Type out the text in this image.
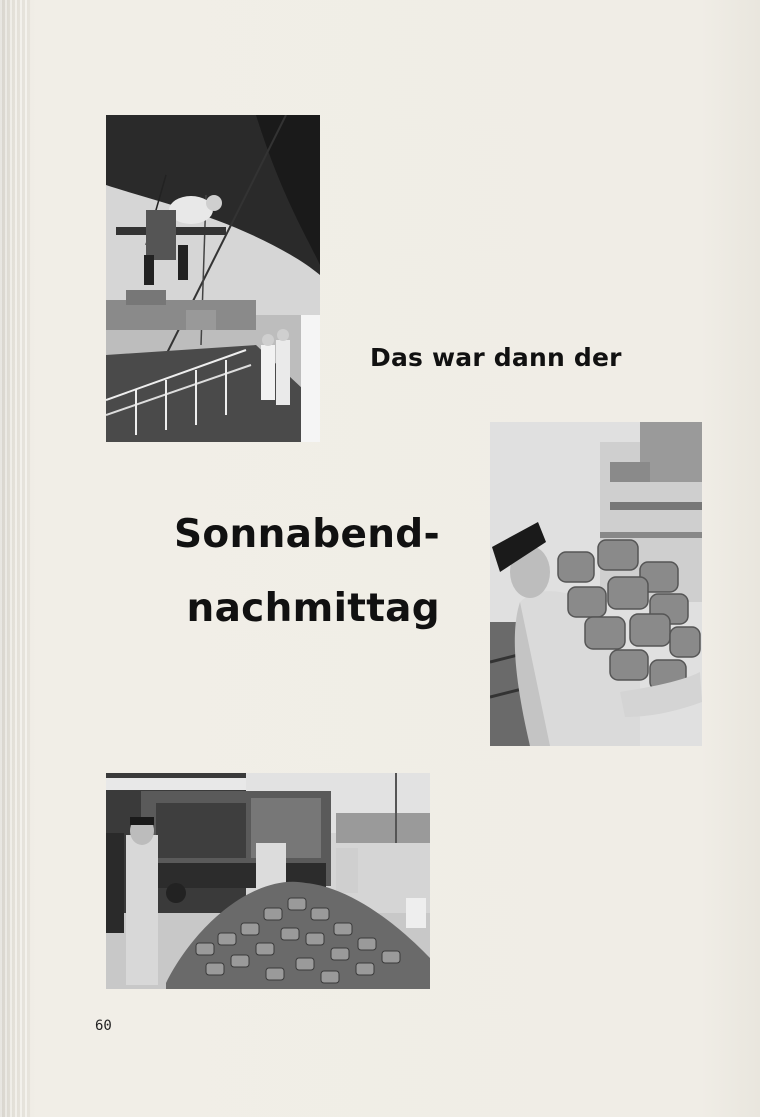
Das war dann der
Sonnabend-
nachmittag
60
